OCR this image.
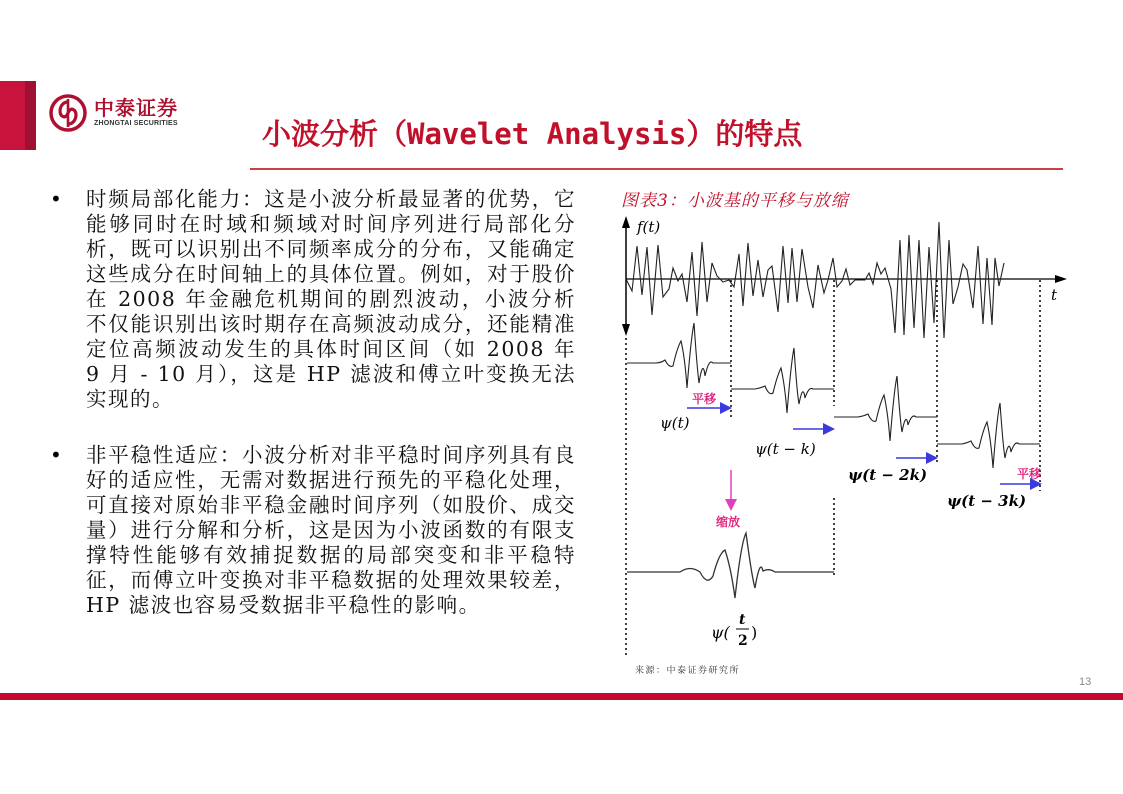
中泰证券
ZHONGTAI SECURITIES	小波分析（Wavelet Analysis）的特点
•	时频局部化能力：这是小波分析最显著的优势，它能够同时在时域和频域对时间序列进行局部化分析，既可以识别出不同频率成分的分布，又能确定这些成分在时间轴上的具体位置。例如，对于股价在 2008 年金融危机期间的剧烈波动，小波分析不仅能识别出该时期存在高频波动成分，还能精准定位高频波动发生的具体时间区间（如 2008 年 9 月 - 10 月），这是 HP 滤波和傅立叶变换无法实现的。
•	非平稳性适应：小波分析对非平稳时间序列具有良好的适应性，无需对数据进行预先的平稳化处理，可直接对原始非平稳金融时间序列（如股价、成交量）进行分解和分析，这是因为小波函数的有限支撑特性能够有效捕捉数据的局部突变和非平稳特征，而傅立叶变换对非平稳数据的处理效果较差，HP 滤波也容易受数据非平稳性的影响。
图表3：小波基的平移与放缩
f(t)
t
ψ(t)
平移
ψ(t − k)
ψ(t − 2k)	平移
ψ(t − 3k)
缩放
ψ(
t
2 )
来源：中泰证券研究所
13
